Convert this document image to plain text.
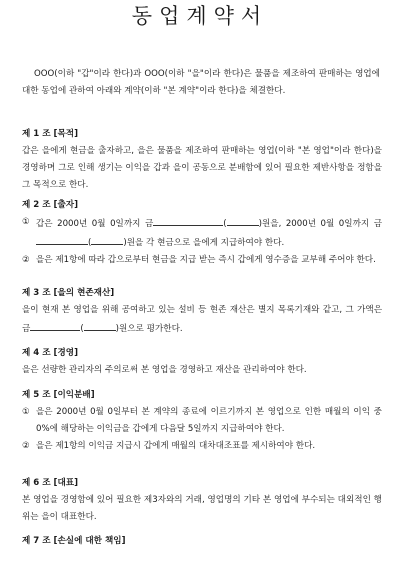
동업계약서

OOO(이하 "갑"이라 한다)과 OOO(이하 "을"이라 한다)은 물품을 제조하여 판매하는 영업에 대한 동업에 관하여 아래와 계약(이하 "본 계약"이라 한다)을 체결한다.

제 1 조 [목적]

갑은 을에게 현금을 출자하고, 을은 물품을 제조하여 판매하는 영업(이하 "본 영업"이라 한다)을 경영하며 그로 인해 생기는 이익을 갑과 을이 공동으로 분배함에 있어 필요한 제반사항을 정함을 그 목적으로 한다.

제 2 조 [출자]

① 갑은 2000년 0월 0일까지 금	(	)원을, 2000년 0월 0일까지 금(	)원을 각 현금으로 을에게 지급하여야 한다.
② 을은 제1항에 따라 갑으로부터 현금을 지급 받는 즉시 갑에게 영수증을 교부해 주어야 한다.

제 3 조 [을의 현존재산]

을이 현재 본 영업을 위해 공여하고 있는 설비 등 현존 재산은 별지 목록기재와 같고, 그 가액은 금	(	)원으로 평가한다.

제 4 조 [경영]

을은 선량한 관리자의 주의로써 본 영업을 경영하고 재산을 관리하여야 한다.

제 5 조 [이익분배]

① 을은 2000년 0월 0일부터 본 계약의 종료에 이르기까지 본 영업으로 인한 매월의 이익 중 0%에 해당하는 이익금을 갑에게 다음달 5일까지 지급하여야 한다.
② 을은 제1항의 이익금 지급시 갑에게 매월의 대차대조표를 제시하여야 한다.

제 6 조 [대표]

본 영업을 경영함에 있어 필요한 제3자와의 거래, 영업명의 기타 본 영업에 부수되는 대외적인 행위는 을이 대표한다.

제 7 조 [손실에 대한 책임]
